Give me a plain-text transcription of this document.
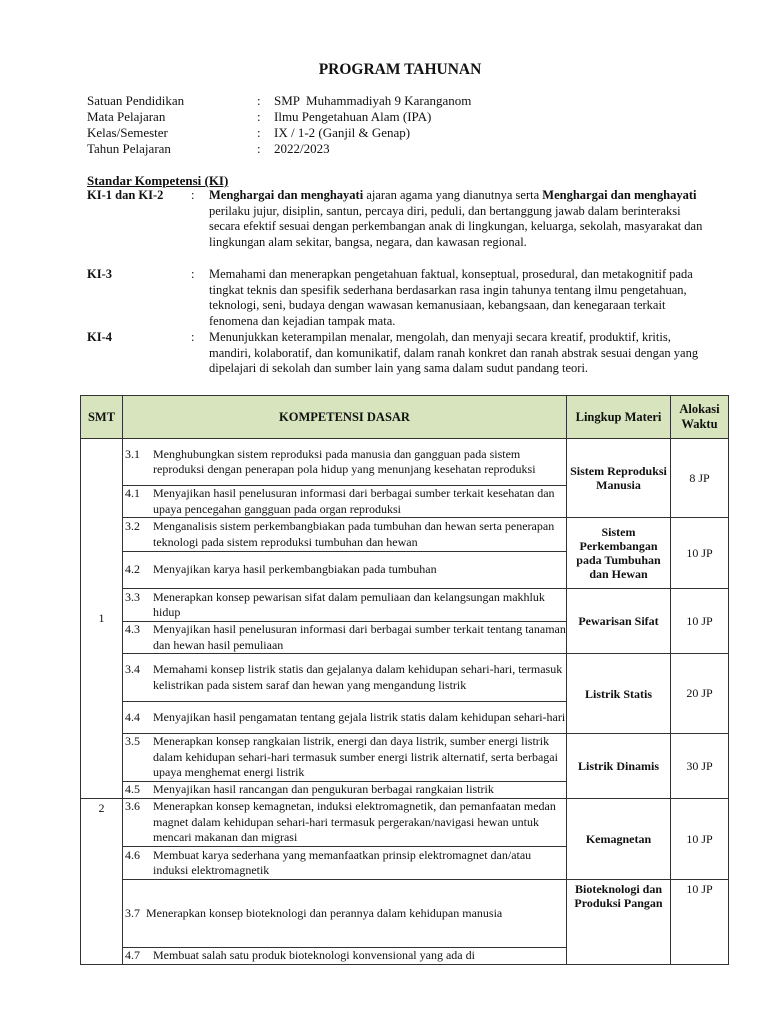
PROGRAM TAHUNAN
Satuan Pendidikan	: SMP  Muhammadiyah 9 Karanganom
Mata Pelajaran	: Ilmu Pengetahuan Alam (IPA)
Kelas/Semester	: IX / 1-2 (Ganjil & Genap)
Tahun Pelajaran	: 2022/2023
Standar Kompetensi (KI)
KI-1 dan KI-2 : Menghargai dan menghayati ajaran agama yang dianutnya serta Menghargai dan menghayati perilaku jujur, disiplin, santun, percaya diri, peduli, dan bertanggung jawab dalam berinteraksi secara efektif sesuai dengan perkembangan anak di lingkungan, keluarga, sekolah, masyarakat dan lingkungan alam sekitar, bangsa, negara, dan kawasan regional.
KI-3	: Memahami dan menerapkan pengetahuan faktual, konseptual, prosedural, dan metakognitif pada tingkat teknis dan spesifik sederhana berdasarkan rasa ingin tahunya tentang ilmu pengetahuan, teknologi, seni, budaya dengan wawasan kemanusiaan, kebangsaan, dan kenegaraan terkait fenomena dan kejadian tampak mata.
KI-4	: Menunjukkan keterampilan menalar, mengolah, dan menyaji secara kreatif, produktif, kritis, mandiri, kolaboratif, dan komunikatif, dalam ranah konkret dan ranah abstrak sesuai dengan yang dipelajari di sekolah dan sumber lain yang sama dalam sudut pandang teori.
SMT	KOMPETENSI DASAR	Lingkup Materi	Alokasi Waktu
1	3.1 Menghubungkan sistem reproduksi pada manusia dan gangguan pada sistem reproduksi dengan penerapan pola hidup yang menunjang kesehatan reproduksi	Sistem Reproduksi Manusia	8 JP

	4.1 Menyajikan hasil penelusuran informasi dari berbagai sumber terkait kesehatan dan upaya pencegahan gangguan pada organ reproduksi		

	3.2 Menganalisis sistem perkembangbiakan pada tumbuhan dan hewan serta penerapan teknologi pada sistem reproduksi tumbuhan dan hewan	Sistem Perkembangan pada Tumbuhan dan Hewan	10 JP

	4.2 Menyajikan karya hasil perkembangbiakan pada tumbuhan		

	3.3 Menerapkan konsep pewarisan sifat dalam pemuliaan dan kelangsungan makhluk hidup	Pewarisan Sifat	10 JP

	4.3 Menyajikan hasil penelusuran informasi dari berbagai sumber terkait tentang tanaman dan hewan hasil pemuliaan		

	3.4 Memahami konsep listrik statis dan gejalanya dalam kehidupan sehari-hari, termasuk kelistrikan pada sistem saraf dan hewan yang mengandung listrik	Listrik Statis	20 JP

	4.4 Menyajikan hasil pengamatan tentang gejala listrik statis dalam kehidupan sehari-hari		

	3.5 Menerapkan konsep rangkaian listrik, energi dan daya listrik, sumber energi listrik dalam kehidupan sehari-hari termasuk sumber energi listrik alternatif, serta berbagai upaya menghemat energi listrik	Listrik Dinamis	30 JP

	4.5 Menyajikan hasil rancangan dan pengukuran berbagai rangkaian listrik		

2	3.6 Menerapkan konsep kemagnetan, induksi elektromagnetik, dan pemanfaatan medan magnet dalam kehidupan sehari-hari termasuk pergerakan/navigasi hewan untuk mencari makanan dan migrasi	Kemagnetan	10 JP

	4.6 Membuat karya sederhana yang memanfaatkan prinsip elektromagnet dan/atau induksi elektromagnetik		

	3.7 Menerapkan konsep bioteknologi dan perannya dalam kehidupan manusia	Bioteknologi dan Produksi Pangan	10 JP

	4.7 Membuat salah satu produk bioteknologi konvensional yang ada di		
